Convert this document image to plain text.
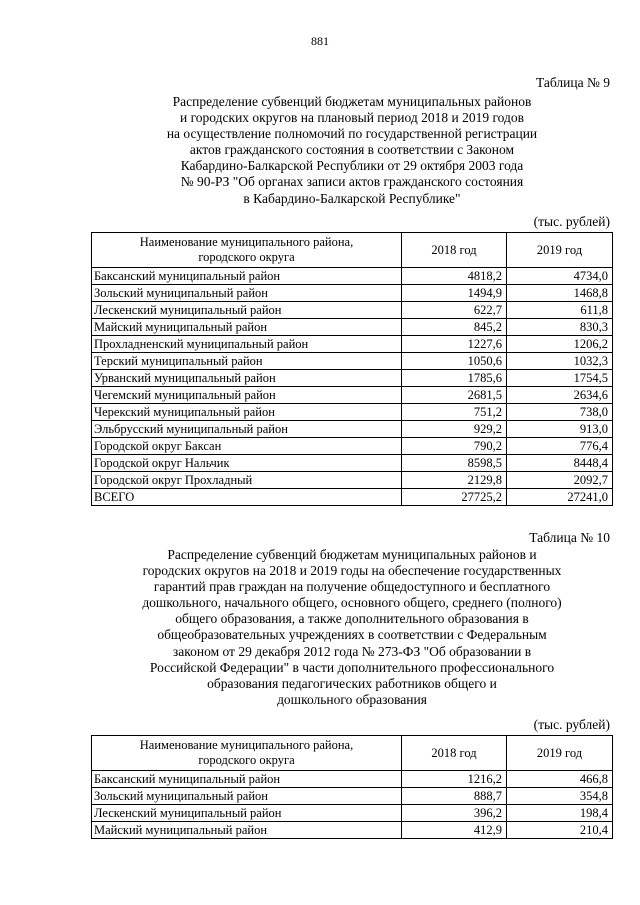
881
Таблица № 9
Распределение субвенций бюджетам муниципальных районов
и городских округов на плановый период 2018 и 2019 годов
на осуществление полномочий по государственной регистрации
актов гражданского состояния в соответствии с Законом
Кабардино-Балкарской Республики от 29 октября 2003 года
№ 90-РЗ "Об органах записи актов гражданского состояния
в Кабардино-Балкарской Республике"
(тыс. рублей)
Наименование муниципального района,
городского округа	2018 год	2019 год
Баксанский муниципальный район	4818,2	4734,0
Зольский муниципальный район	1494,9	1468,8
Лескенский муниципальный район	622,7	611,8
Майский муниципальный район	845,2	830,3
Прохладненский муниципальный район	1227,6	1206,2
Терский муниципальный район	1050,6	1032,3
Урванский муниципальный район	1785,6	1754,5
Чегемский муниципальный район	2681,5	2634,6
Черекский муниципальный район	751,2	738,0
Эльбрусский муниципальный район	929,2	913,0
Городской округ Баксан	790,2	776,4
Городской округ Нальчик	8598,5	8448,4
Городской округ Прохладный	2129,8	2092,7
ВСЕГО	27725,2	27241,0
Таблица № 10
Распределение субвенций бюджетам муниципальных районов и
городских округов на 2018 и 2019 годы на обеспечение государственных
гарантий прав граждан на получение общедоступного и бесплатного
дошкольного, начального общего, основного общего, среднего (полного)
общего образования, а также дополнительного образования в
общеобразовательных учреждениях в соответствии с Федеральным
законом от 29 декабря 2012 года № 273-ФЗ "Об образовании в
Российской Федерации" в части дополнительного профессионального
образования педагогических работников общего и
дошкольного образования
(тыс. рублей)
Наименование муниципального района,
городского округа	2018 год	2019 год
Баксанский муниципальный район	1216,2	466,8
Зольский муниципальный район	888,7	354,8
Лескенский муниципальный район	396,2	198,4
Майский муниципальный район	412,9	210,4
